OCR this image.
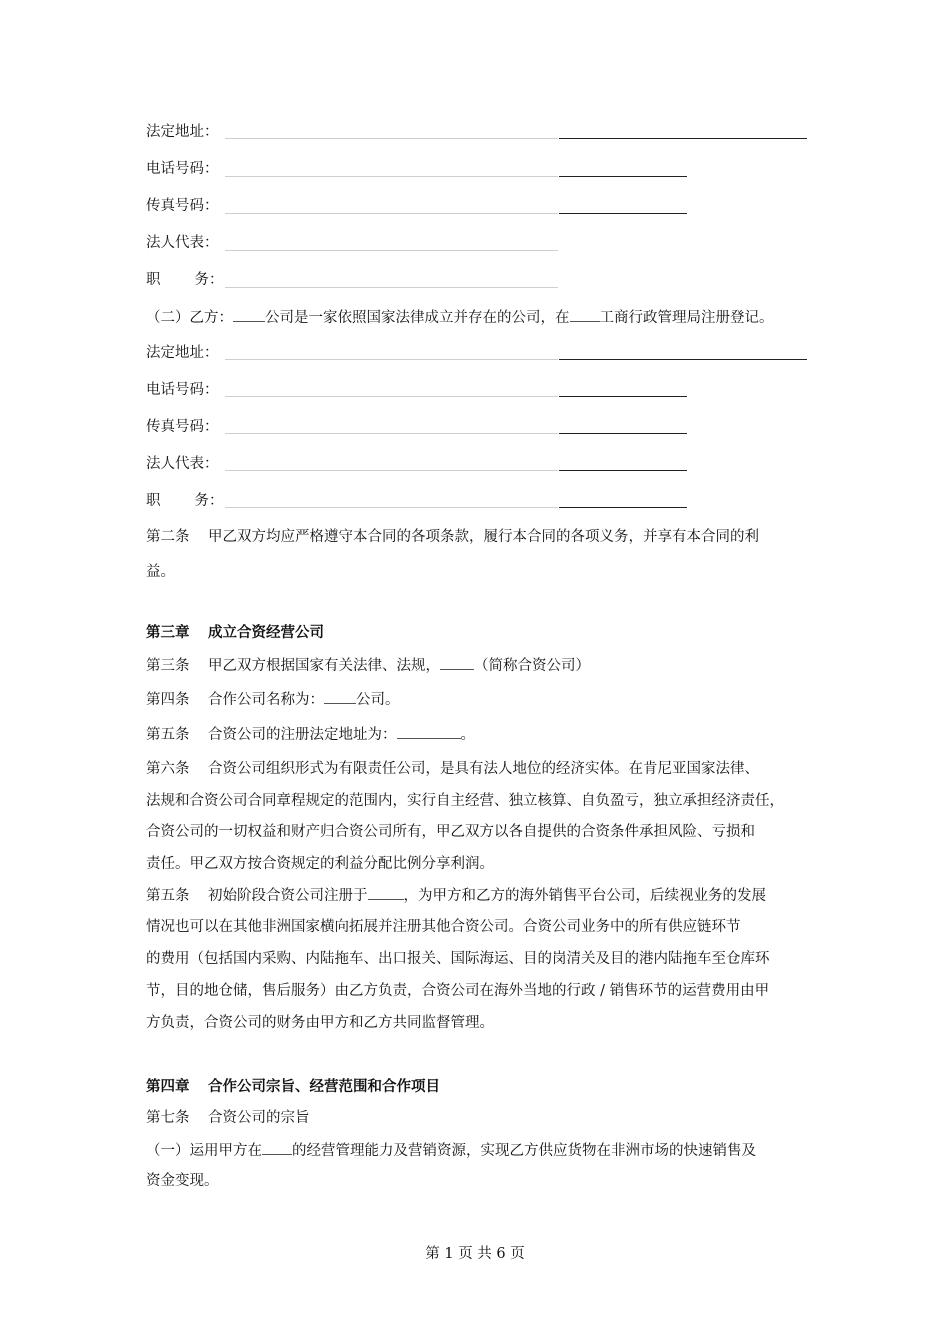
法定地址：
电话号码：
传真号码：
法人代表：
职 务：
（二）乙方： 公司是一家依照国家法律成立并存在的公司，在 工商行政管理局注册登记。
法定地址：
电话号码：
传真号码：
法人代表：
职 务：
第二条 甲乙双方均应严格遵守本合同的各项条款，履行本合同的各项义务，并享有本合同的利
益。
第三章 成立合资经营公司
第三条 甲乙双方根据国家有关法律、法规， （简称合资公司）
第四条 合作公司名称为： 公司。
第五条 合资公司的注册法定地址为：	。
第六条 合资公司组织形式为有限责任公司，是具有法人地位的经济实体。在肯尼亚国家法律、
法规和合资公司合同章程规定的范围内，实行自主经营、独立核算、自负盈亏，独立承担经济责任，
合资公司的一切权益和财产归合资公司所有，甲乙双方以各自提供的合资条件承担风险、亏损和
责任。甲乙双方按合资规定的利益分配比例分享利润。
第五条 初始阶段合资公司注册于 ，为甲方和乙方的海外销售平台公司，后续视业务的发展
情况也可以在其他非洲国家横向拓展并注册其他合资公司。合资公司业务中的所有供应链环节
的费用（包括国内采购、内陆拖车、出口报关、国际海运、目的岗清关及目的港内陆拖车至仓库环
节，目的地仓储，售后服务）由乙方负责，合资公司在海外当地的行政 / 销售环节的运营费用由甲
方负责，合资公司的财务由甲方和乙方共同监督管理。
第四章 合作公司宗旨、经营范围和合作项目
第七条 合资公司的宗旨
（一）运用甲方在 的经营管理能力及营销资源，实现乙方供应货物在非洲市场的快速销售及
资金变现。
第 1 页 共 6 页
